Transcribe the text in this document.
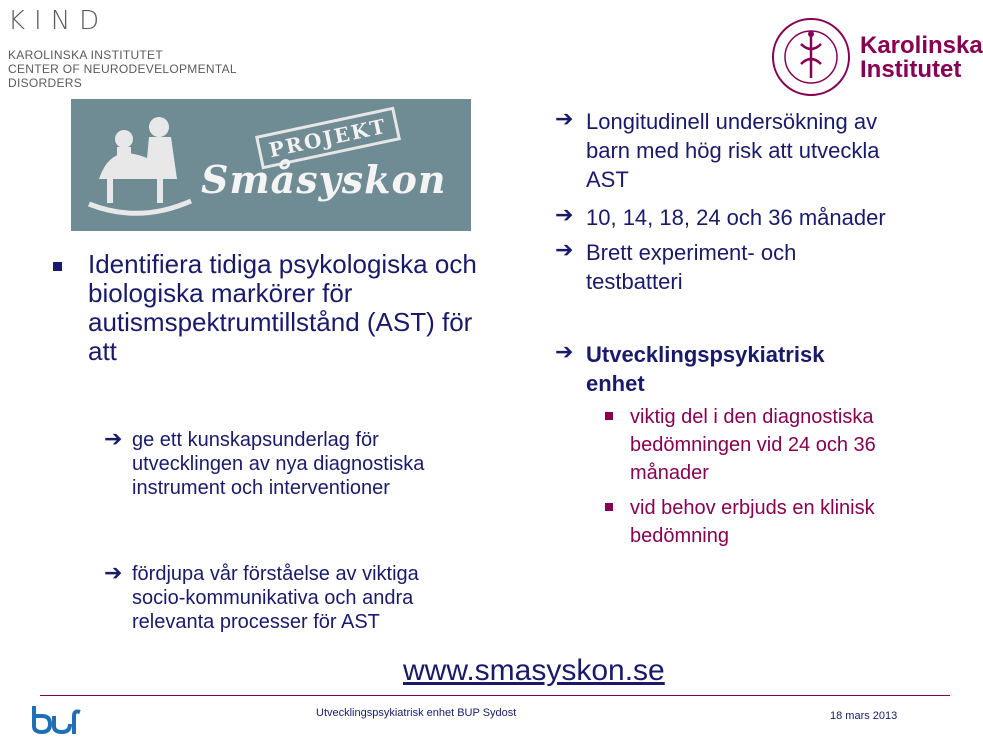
KIND
KAROLINSKA INSTITUTET
CENTER OF NEURODEVELOPMENTAL
DISORDERS
PROJEKT
Småsyskon
Karolinska
Institutet
Identifiera tidiga psykologiska och biologiska markörer för autismspektrumtillstånd (AST) för att
➔ ge ett kunskapsunderlag för utvecklingen av nya diagnostiska instrument och interventioner
➔ fördjupa vår förståelse av viktiga socio-kommunikativa och andra relevanta processer för AST
➔ Longitudinell undersökning av barn med hög risk att utveckla AST
➔ 10, 14, 18, 24 och 36 månader
➔ Brett experiment- och testbatteri
➔ Utvecklingspsykiatrisk enhet
viktig del i den diagnostiska bedömningen vid 24 och 36 månader
vid behov erbjuds en klinisk bedömning
www.smasyskon.se
Utvecklingspsykiatrisk enhet BUP Sydost	18 mars 2013
